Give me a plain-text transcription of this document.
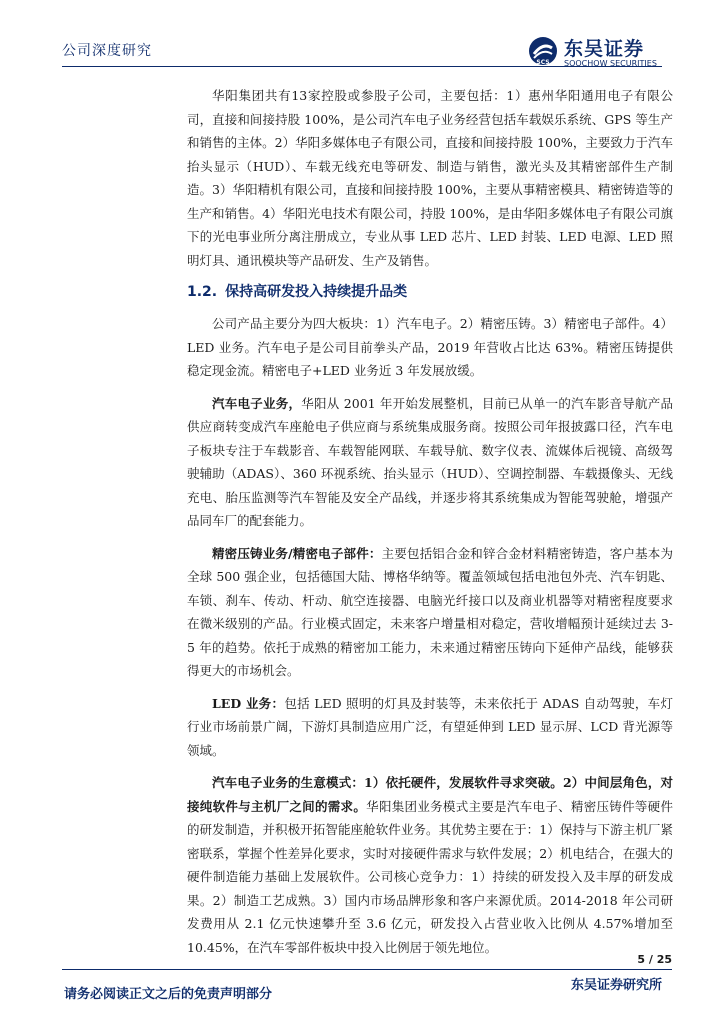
公司深度研究
SCS
东吴证券
SOOCHOW SECURITIES

华阳集团共有13家控股或参股子公司，主要包括：1）惠州华阳通用电子有限公司，直接和间接持股 100%，是公司汽车电子业务经营包括车载娱乐系统、GPS 等生产和销售的主体。2）华阳多媒体电子有限公司，直接和间接持股 100%，主要致力于汽车抬头显示（HUD）、车载无线充电等研发、制造与销售，激光头及其精密部件生产制造。3）华阳精机有限公司，直接和间接持股 100%，主要从事精密模具、精密铸造等的生产和销售。4）华阳光电技术有限公司，持股 100%，是由华阳多媒体电子有限公司旗下的光电事业所分离注册成立，专业从事 LED 芯片、LED 封装、LED 电源、LED 照明灯具、通讯模块等产品研发、生产及销售。

1.2. 保持高研发投入持续提升品类

公司产品主要分为四大板块：1）汽车电子。2）精密压铸。3）精密电子部件。4）LED 业务。汽车电子是公司目前拳头产品，2019 年营收占比达 63%。精密压铸提供稳定现金流。精密电子+LED 业务近 3 年发展放缓。

汽车电子业务，华阳从 2001 年开始发展整机，目前已从单一的汽车影音导航产品供应商转变成汽车座舱电子供应商与系统集成服务商。按照公司年报披露口径，汽车电子板块专注于车载影音、车载智能网联、车载导航、数字仪表、流媒体后视镜、高级驾驶辅助（ADAS）、360 环视系统、抬头显示（HUD）、空调控制器、车载摄像头、无线充电、胎压监测等汽车智能及安全产品线，并逐步将其系统集成为智能驾驶舱，增强产品同车厂的配套能力。

精密压铸业务/精密电子部件：主要包括铝合金和锌合金材料精密铸造，客户基本为全球 500 强企业，包括德国大陆、博格华纳等。覆盖领域包括电池包外壳、汽车钥匙、车锁、刹车、传动、杆动、航空连接器、电脑光纤接口以及商业机器等对精密程度要求在微米级别的产品。行业模式固定，未来客户增量相对稳定，营收增幅预计延续过去 3-5 年的趋势。依托于成熟的精密加工能力，未来通过精密压铸向下延伸产品线，能够获得更大的市场机会。

LED 业务：包括 LED 照明的灯具及封装等，未来依托于 ADAS 自动驾驶，车灯行业市场前景广阔，下游灯具制造应用广泛，有望延伸到 LED 显示屏、LCD 背光源等领域。

汽车电子业务的生意模式：1）依托硬件，发展软件寻求突破。2）中间层角色，对接纯软件与主机厂之间的需求。华阳集团业务模式主要是汽车电子、精密压铸件等硬件的研发制造，并积极开拓智能座舱软件业务。其优势主要在于：1）保持与下游主机厂紧密联系，掌握个性差异化要求，实时对接硬件需求与软件发展；2）机电结合，在强大的硬件制造能力基础上发展软件。公司核心竞争力：1）持续的研发投入及丰厚的研发成果。2）制造工艺成熟。3）国内市场品牌形象和客户来源优质。2014-2018 年公司研发费用从 2.1 亿元快速攀升至 3.6 亿元，研发投入占营业收入比例从 4.57%增加至 10.45%，在汽车零部件板块中投入比例居于领先地位。

5 / 25
请务必阅读正文之后的免责声明部分
东吴证券研究所
